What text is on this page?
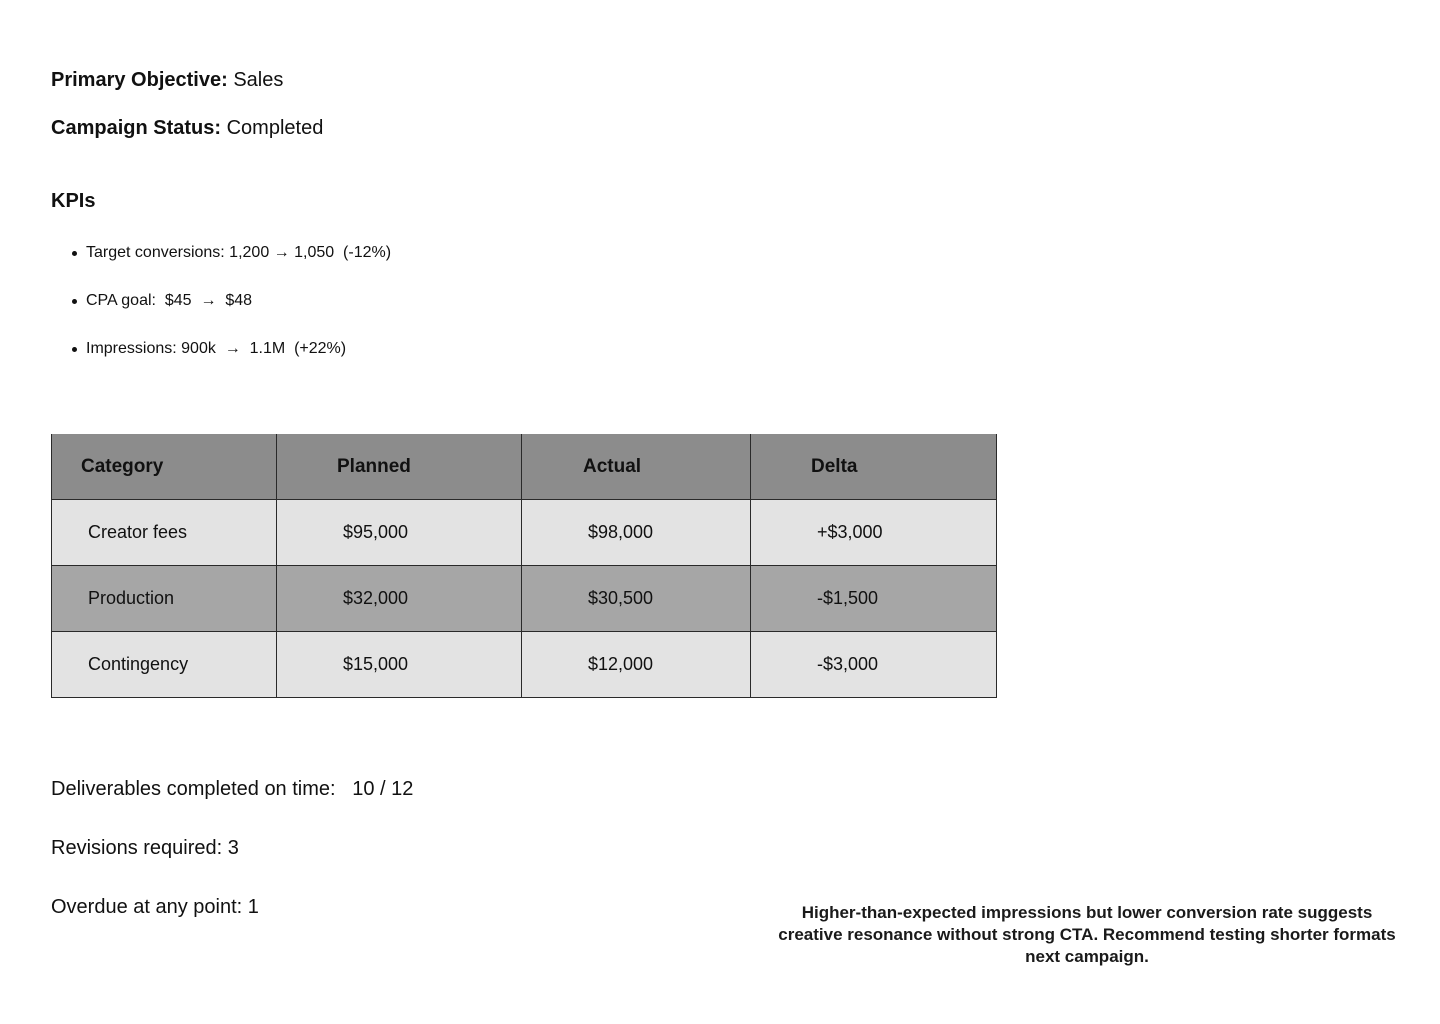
Primary Objective: Sales
Campaign Status: Completed
KPIs
Target conversions: 1,200 → 1,050  (-12%)
CPA goal:  $45  →  $48
Impressions: 900k  →  1.1M  (+22%)
Category	Planned	Actual	Delta
Creator fees	$95,000	$98,000	+$3,000
Production	$32,000	$30,500	-$1,500
Contingency	$15,000	$12,000	-$3,000
Deliverables completed on time:   10 / 12
Revisions required: 3
Overdue at any point: 1	Higher-than-expected impressions but lower conversion rate suggests creative resonance without strong CTA. Recommend testing shorter formats next campaign.
